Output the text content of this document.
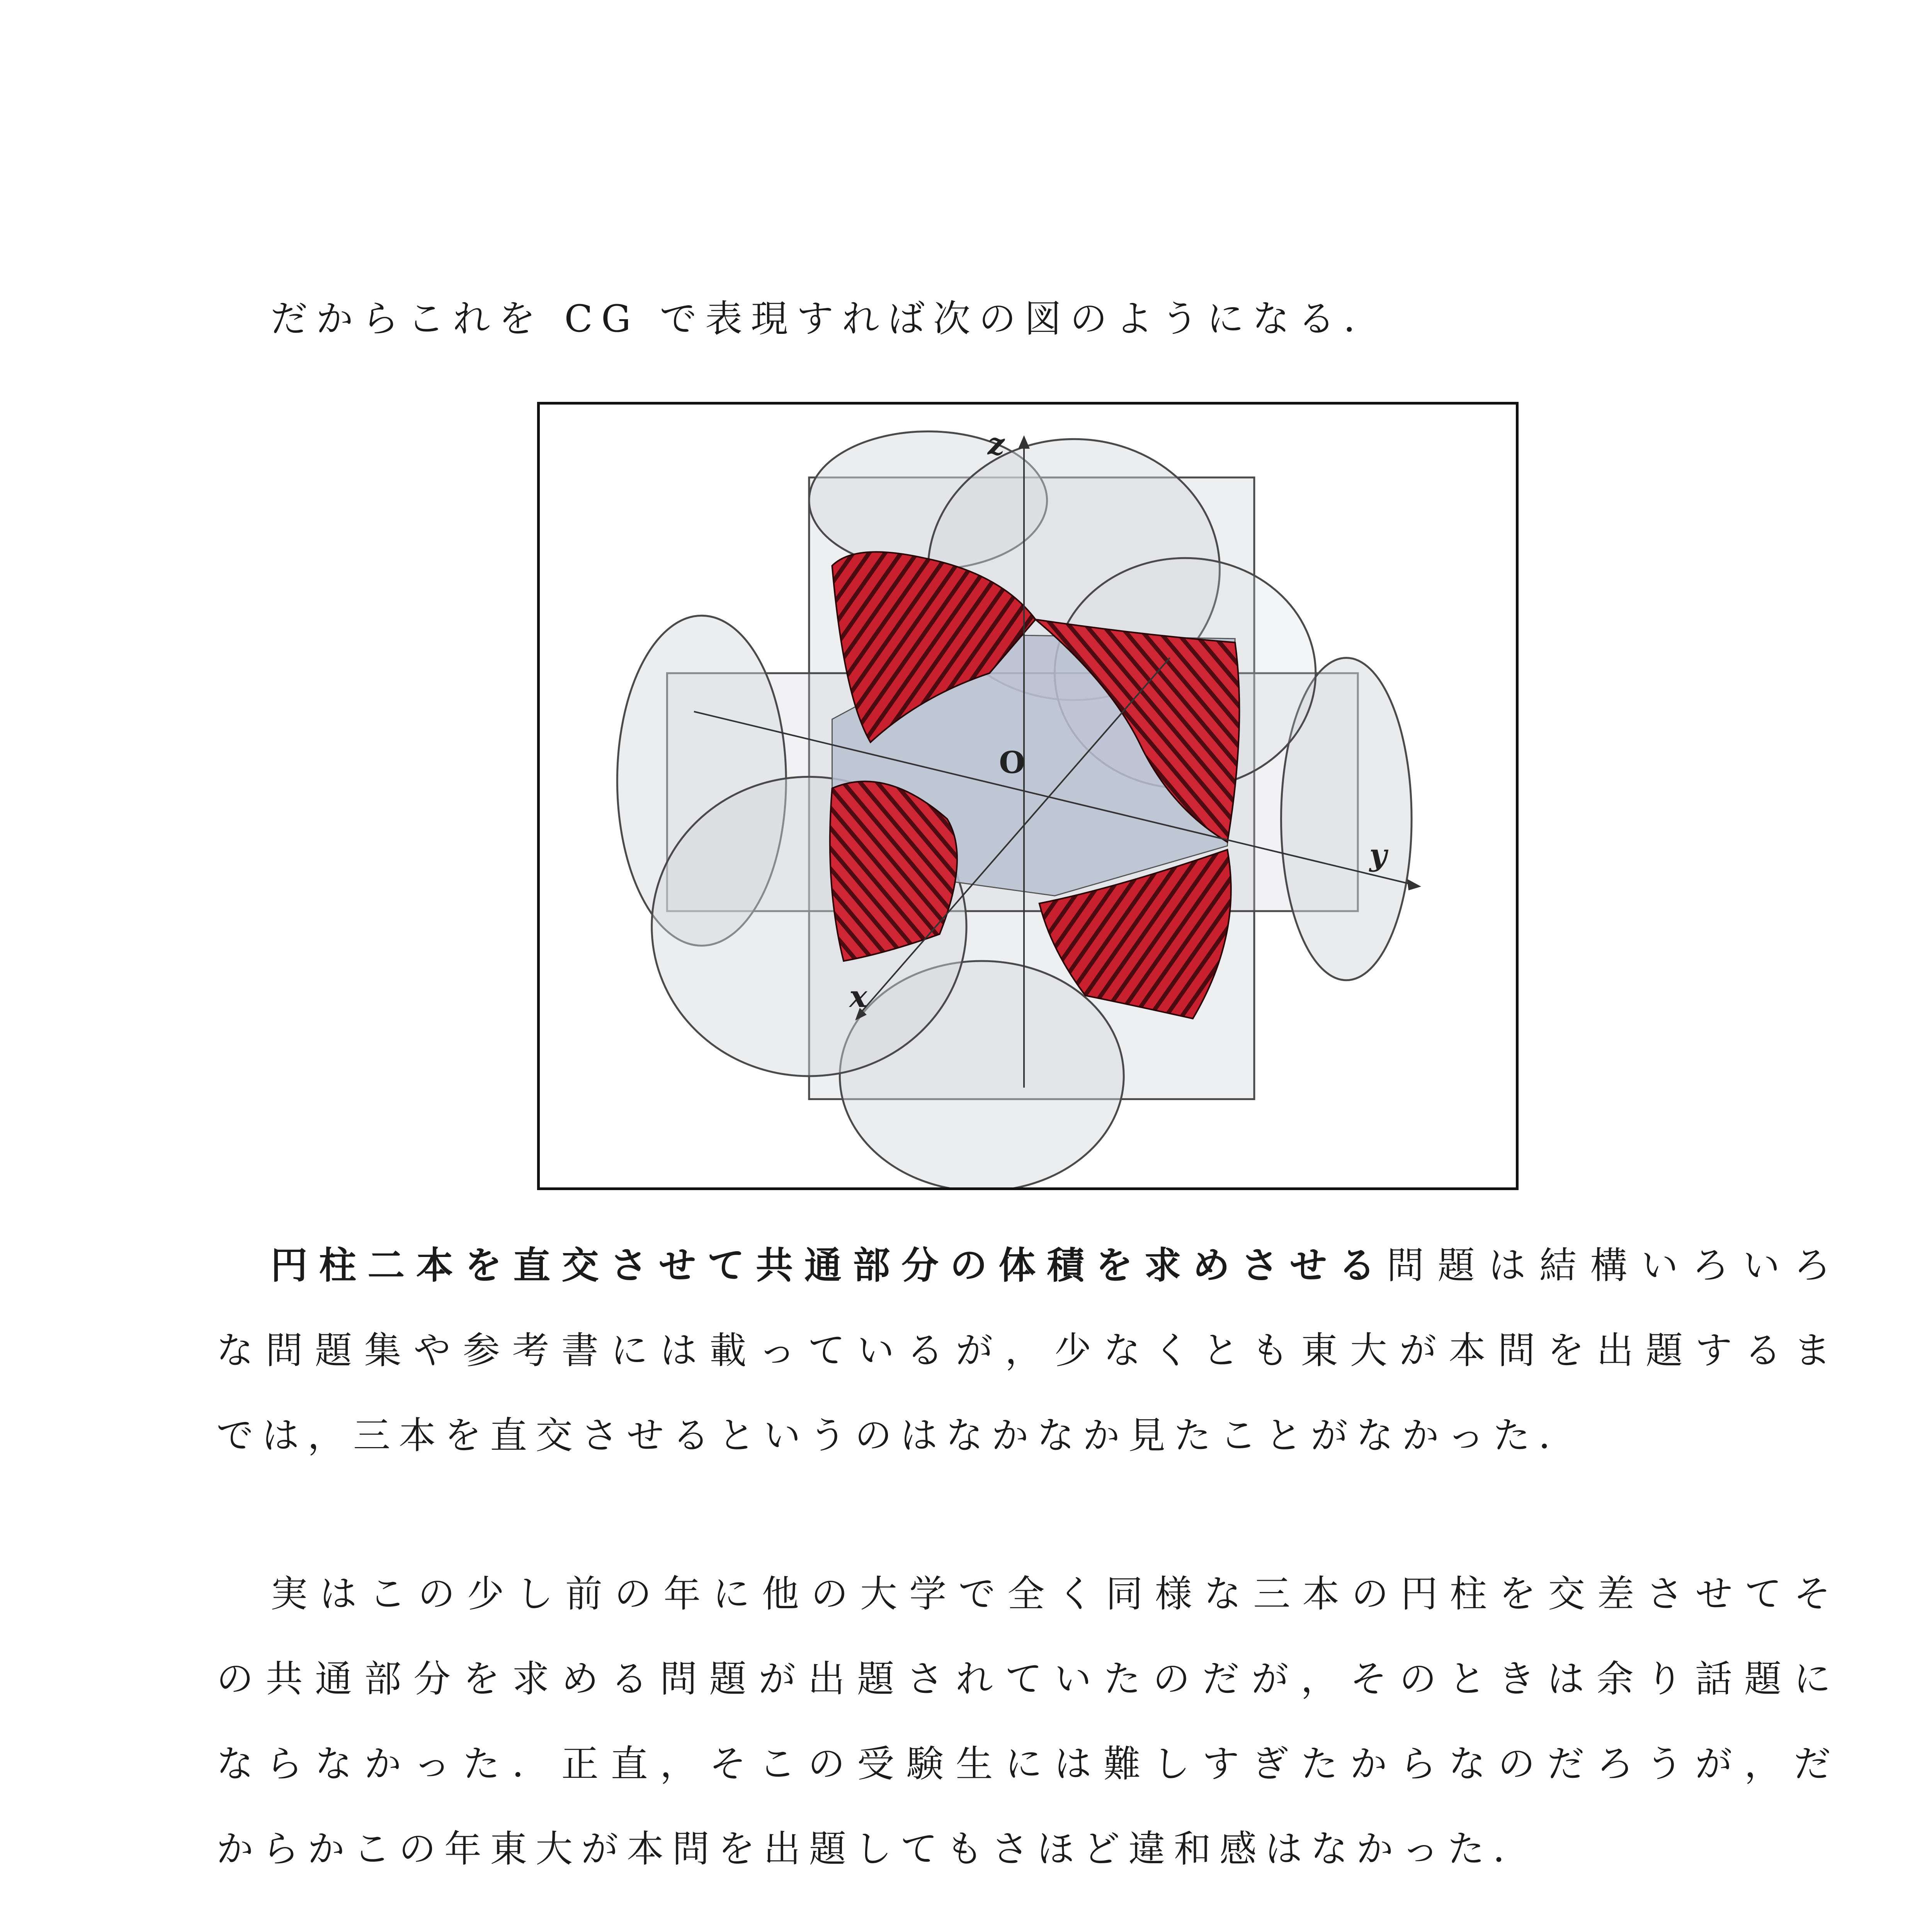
だからこれを CG で表現すれば次の図のようになる．
z
y
x
O
円柱二本を直交させて共通部分の体積を求めさせる問題は結構いろいろ
な問題集や参考書には載っているが，少なくとも東大が本問を出題するま
では，三本を直交させるというのはなかなか見たことがなかった．
実はこの少し前の年に他の大学で全く同様な三本の円柱を交差させてそ
の共通部分を求める問題が出題されていたのだが，そのときは余り話題に
ならなかった．正直，そこの受験生には難しすぎたからなのだろうが，だ
からかこの年東大が本問を出題してもさほど違和感はなかった．
